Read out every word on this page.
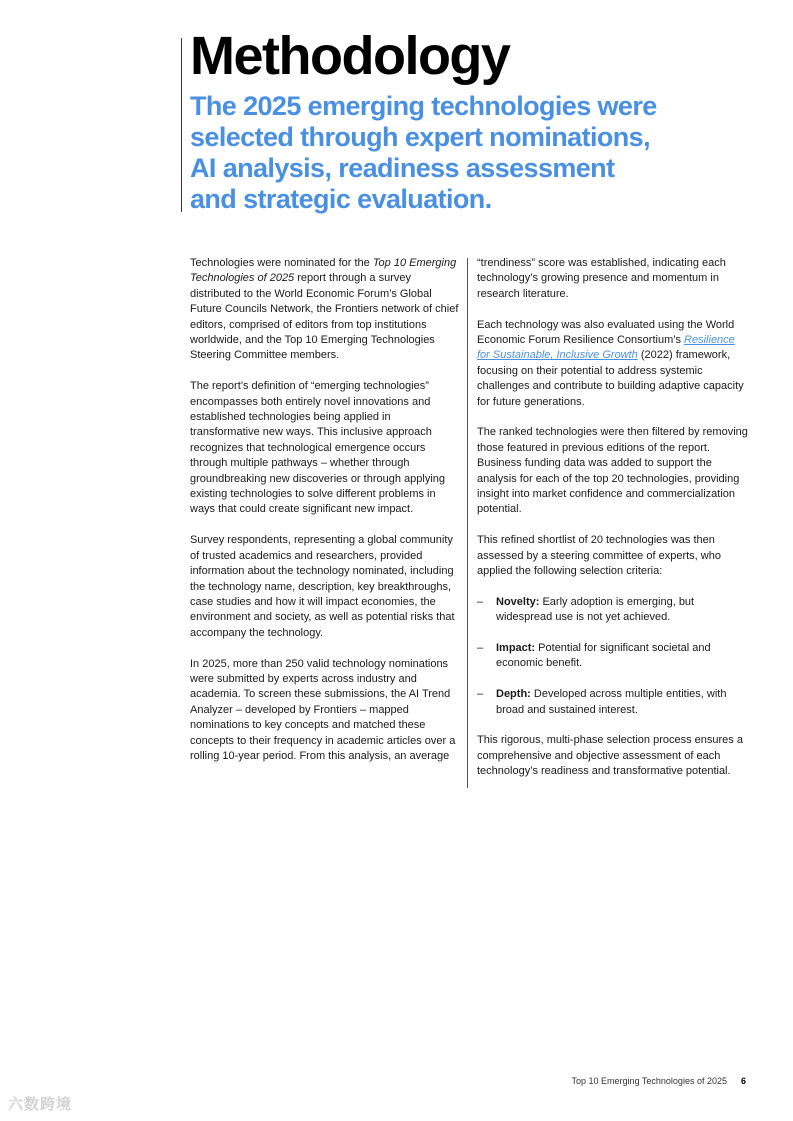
Methodology
The 2025 emerging technologies were selected through expert nominations, AI analysis, readiness assessment and strategic evaluation.

Technologies were nominated for the Top 10 Emerging Technologies of 2025 report through a survey distributed to the World Economic Forum’s Global Future Councils Network, the Frontiers network of chief editors, comprised of editors from top institutions worldwide, and the Top 10 Emerging Technologies Steering Committee members.

The report’s definition of “emerging technologies” encompasses both entirely novel innovations and established technologies being applied in transformative new ways. This inclusive approach recognizes that technological emergence occurs through multiple pathways – whether through groundbreaking new discoveries or through applying existing technologies to solve different problems in ways that could create significant new impact.

Survey respondents, representing a global community of trusted academics and researchers, provided information about the technology nominated, including the technology name, description, key breakthroughs, case studies and how it will impact economies, the environment and society, as well as potential risks that accompany the technology.

In 2025, more than 250 valid technology nominations were submitted by experts across industry and academia. To screen these submissions, the AI Trend Analyzer – developed by Frontiers – mapped nominations to key concepts and matched these concepts to their frequency in academic articles over a rolling 10-year period. From this analysis, an average

“trendiness” score was established, indicating each technology’s growing presence and momentum in research literature.

Each technology was also evaluated using the World Economic Forum Resilience Consortium’s Resilience for Sustainable, Inclusive Growth (2022) framework, focusing on their potential to address systemic challenges and contribute to building adaptive capacity for future generations.

The ranked technologies were then filtered by removing those featured in previous editions of the report. Business funding data was added to support the analysis for each of the top 20 technologies, providing insight into market confidence and commercialization potential.

This refined shortlist of 20 technologies was then assessed by a steering committee of experts, who applied the following selection criteria:

– Novelty: Early adoption is emerging, but widespread use is not yet achieved.
– Impact: Potential for significant societal and economic benefit.
– Depth: Developed across multiple entities, with broad and sustained interest.

This rigorous, multi-phase selection process ensures a comprehensive and objective assessment of each technology’s readiness and transformative potential.

Top 10 Emerging Technologies of 2025 6
六数跨境
